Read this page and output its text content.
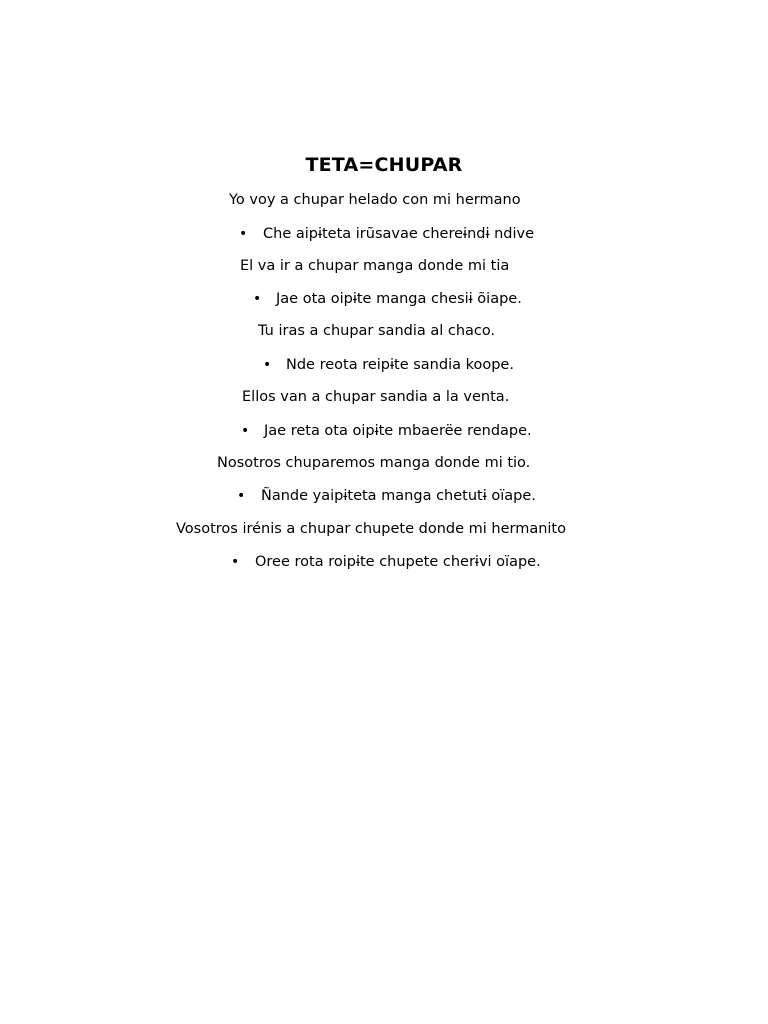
TETA=CHUPAR
Yo voy a chupar helado con mi hermano
• Che aipɨteta irũsavae chereɨndɨ ndive
El va ir a chupar manga donde mi tia
• Jae ota oipɨte manga chesiɨ õiape.
Tu iras a chupar sandia al chaco.
• Nde reota reipɨte sandia koope.
Ellos van a chupar sandia a la venta.
• Jae reta ota oipɨte mbaerëe rendape.
Nosotros chuparemos manga donde mi tio.
• Ñande yaipɨteta manga chetutɨ oïape.
Vosotros irénis a chupar chupete donde mi hermanito
• Oree rota roipɨte chupete cherɨvi oïape.
